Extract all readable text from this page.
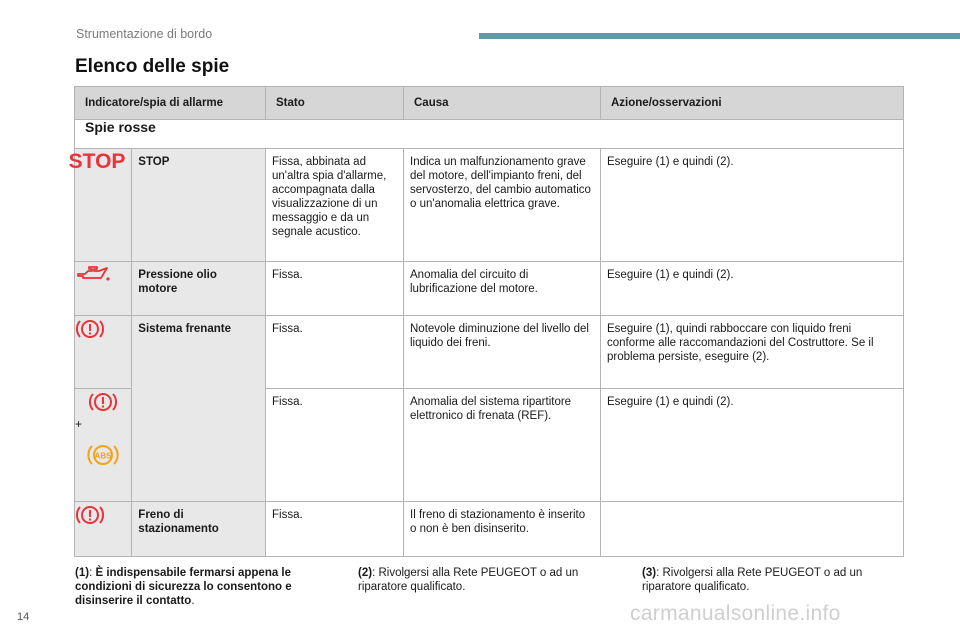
Strumentazione di bordo
Elenco delle spie
Indicatore/spia di allarme		Stato	Causa	Azione/osservazioni
Spie rosse				

STOP	STOP	Fissa, abbinata ad un'altra spia d'allarme, accompagnata dalla visualizzazione di un messaggio e da un segnale acustico.	Indica un malfunzionamento grave del motore, dell'impianto freni, del servosterzo, del cambio automatico o un'anomalia elettrica grave.	Eseguire (1) e quindi (2).
	Pressione olio motore	Fissa.	Anomalia del circuito di lubrificazione del motore.	Eseguire (1) e quindi (2).
	Sistema frenante	Fissa.	Notevole diminuzione del livello del liquido dei freni.	Eseguire (1), quindi rabboccare con liquido freni conforme alle raccomandazioni del Costruttore. Se il problema persiste, eseguire (2).

+
ABS		Fissa.	Anomalia del sistema ripartitore elettronico di frenata (REF).	Eseguire (1) e quindi (2).
	Freno di stazionamento	Fissa.	Il freno di stazionamento è inserito o non è ben disinserito.	
(1): È indispensabile fermarsi appena le condizioni di sicurezza lo consentono e disinserire il contatto.
(2): Rivolgersi alla Rete PEUGEOT o ad un riparatore qualificato.
(3): Rivolgersi alla Rete PEUGEOT o ad un riparatore qualificato.
14	carmanualsonline.info
